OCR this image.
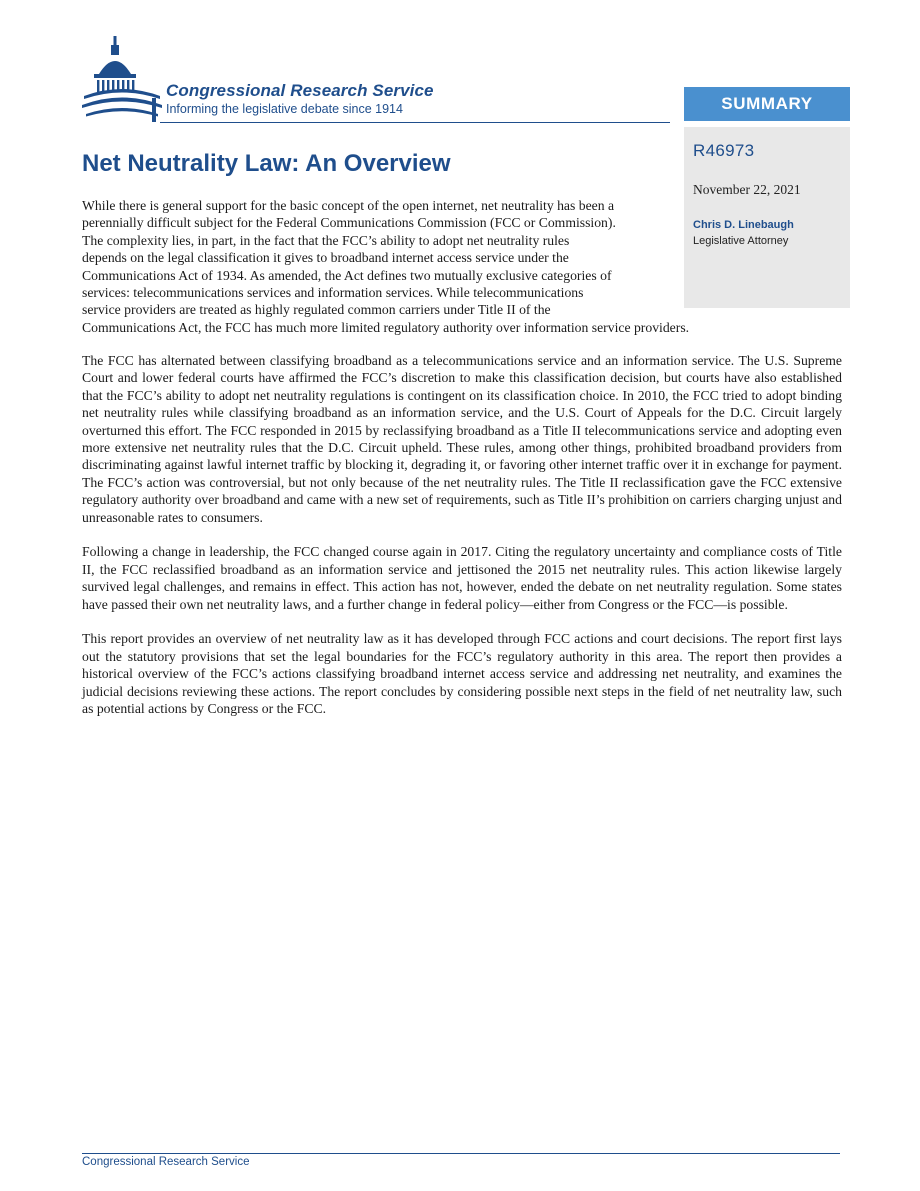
Congressional Research Service
Informing the legislative debate since 1914	SUMMARY
R46973
November 22, 2021
Chris D. Linebaugh
Legislative Attorney
Net Neutrality Law: An Overview
While there is general support for the basic concept of the open internet, net neutrality has been a
perennially difficult subject for the Federal Communications Commission (FCC or Commission).
The complexity lies, in part, in the fact that the FCC’s ability to adopt net neutrality rules
depends on the legal classification it gives to broadband internet access service under the
Communications Act of 1934. As amended, the Act defines two mutually exclusive categories of
services: telecommunications services and information services. While telecommunications
service providers are treated as highly regulated common carriers under Title II of the
Communications Act, the FCC has much more limited regulatory authority over information service providers.

The FCC has alternated between classifying broadband as a telecommunications service and an information service. The U.S. Supreme Court and lower federal courts have affirmed the FCC’s discretion to make this classification decision, but courts have also established that the FCC’s ability to adopt net neutrality regulations is contingent on its classification choice. In 2010, the FCC tried to adopt binding net neutrality rules while classifying broadband as an information service, and the U.S. Court of Appeals for the D.C. Circuit largely overturned this effort. The FCC responded in 2015 by reclassifying broadband as a Title II telecommunications service and adopting even more extensive net neutrality rules that the D.C. Circuit upheld. These rules, among other things, prohibited broadband providers from discriminating against lawful internet traffic by blocking it, degrading it, or favoring other internet traffic over it in exchange for payment. The FCC’s action was controversial, but not only because of the net neutrality rules. The Title II reclassification gave the FCC extensive regulatory authority over broadband and came with a new set of requirements, such as Title II’s prohibition on carriers charging unjust and unreasonable rates to consumers.

Following a change in leadership, the FCC changed course again in 2017. Citing the regulatory uncertainty and compliance costs of Title II, the FCC reclassified broadband as an information service and jettisoned the 2015 net neutrality rules. This action likewise largely survived legal challenges, and remains in effect. This action has not, however, ended the debate on net neutrality regulation. Some states have passed their own net neutrality laws, and a further change in federal policy—either from Congress or the FCC—is possible.

This report provides an overview of net neutrality law as it has developed through FCC actions and court decisions. The report first lays out the statutory provisions that set the legal boundaries for the FCC’s regulatory authority in this area. The report then provides a historical overview of the FCC’s actions classifying broadband internet access service and addressing net neutrality, and examines the judicial decisions reviewing these actions. The report concludes by considering possible next steps in the field of net neutrality law, such as potential actions by Congress or the FCC.

Congressional Research Service
